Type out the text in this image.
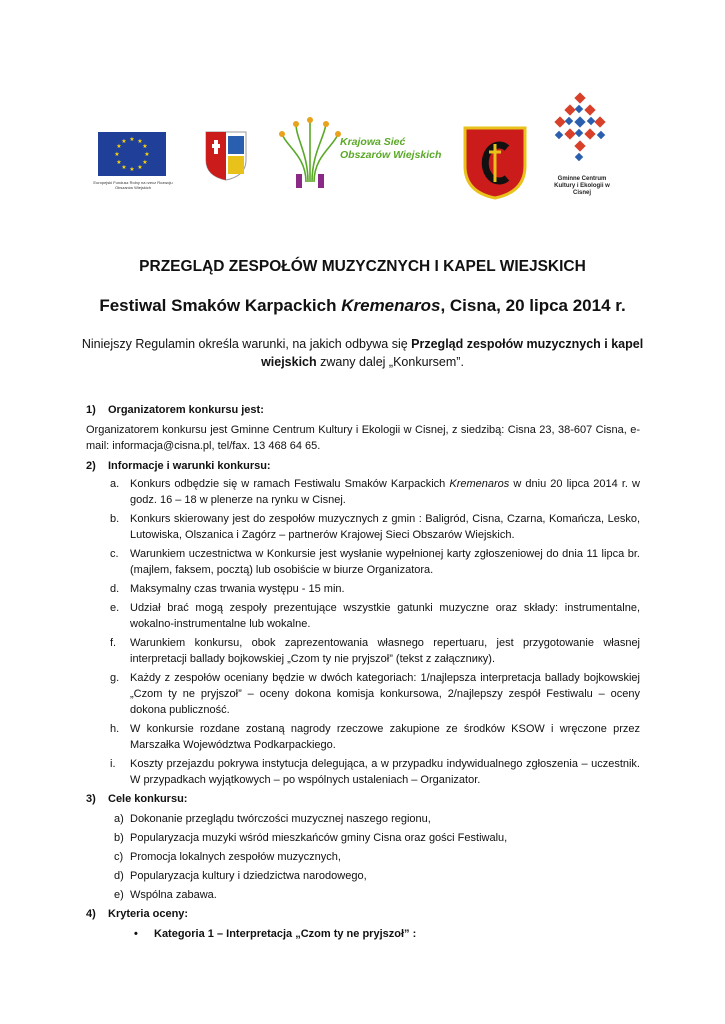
★ ★
★
★
★
★
★
★
★
★
★
★
Europejski Fundusz Rolny na rzecz Rozwoju Obszarów Wiejskich
Krajowa Sieć
Obszarów Wiejskich
Gminne Centrum Kultury i Ekologii w Cisnej
PRZEGLĄD ZESPOŁÓW MUZYCZNYCH I KAPEL WIEJSKICH
Festiwal Smaków Karpackich Kremenaros, Cisna, 20 lipca 2014 r.
Niniejszy Regulamin określa warunki, na jakich odbywa się Przegląd zespołów muzycznych i kapel wiejskich zwany dalej „Konkursem”.

1) Organizatorem konkursu jest:

Organizatorem konkursu jest Gminne Centrum Kultury i Ekologii w Cisnej, z siedzibą: Cisna 23, 38-607 Cisna, e-mail: informacja@cisna.pl, tel/fax. 13 468 64 65.

2) Informacje i warunki konkursu:

a. Konkurs odbędzie się w ramach Festiwalu Smaków Karpackich Kremenaros w dniu 20 lipca 2014 r. w godz. 16 – 18 w plenerze na rynku w Cisnej.
b. Konkurs skierowany jest do zespołów muzycznych z gmin : Baligród, Cisna, Czarna, Komańcza, Lesko, Lutowiska, Olszanica i Zagórz – partnerów Krajowej Sieci Obszarów Wiejskich.
c. Warunkiem uczestnictwa w Konkursie jest wysłanie wypełnionej karty zgłoszeniowej do dnia 11 lipca br. (majlem, faksem, pocztą) lub osobiście w biurze Organizatora.
d. Maksymalny czas trwania występu - 15 min.
e. Udział brać mogą zespoły prezentujące wszystkie gatunki muzyczne oraz składy: instrumentalne, wokalno-instrumentalne lub wokalne.
f. Warunkiem konkursu, obok zaprezentowania własnego repertuaru, jest przygotowanie własnej interpretacji ballady bojkowskiej „Czom ty nie pryjszoł” (tekst z załącznику).
g. Każdy z zespołów oceniany będzie w dwóch kategoriach: 1/najlepsza interpretacja ballady bojkowskiej „Czom ty ne pryjszoł” – oceny dokona komisja konkursowa, 2/najlepszy zespół Festiwalu – oceny dokona publiczność.
h. W konkursie rozdane zostaną nagrody rzeczowe zakupione ze środków KSOW i wręczone przez Marszałka Województwa Podkarpackiego.
i. Koszty przejazdu pokrywa instytucja delegująca, a w przypadku indywidualnego zgłoszenia – uczestnik. W przypadkach wyjątkowych – po wspólnych ustaleniach – Organizator.

3) Cele konkursu:

a) Dokonanie przeglądu twórczości muzycznej naszego regionu,
b) Popularyzacja muzyki wśród mieszkańców gminy Cisna oraz gości Festiwalu,
c) Promocja lokalnych zespołów muzycznych,
d) Popularyzacja kultury i dziedzictwa narodowego,
e) Wspólna zabawa.

4) Kryteria oceny:

• Kategoria 1 – Interpretacja „Czom ty ne pryjszoł” :
